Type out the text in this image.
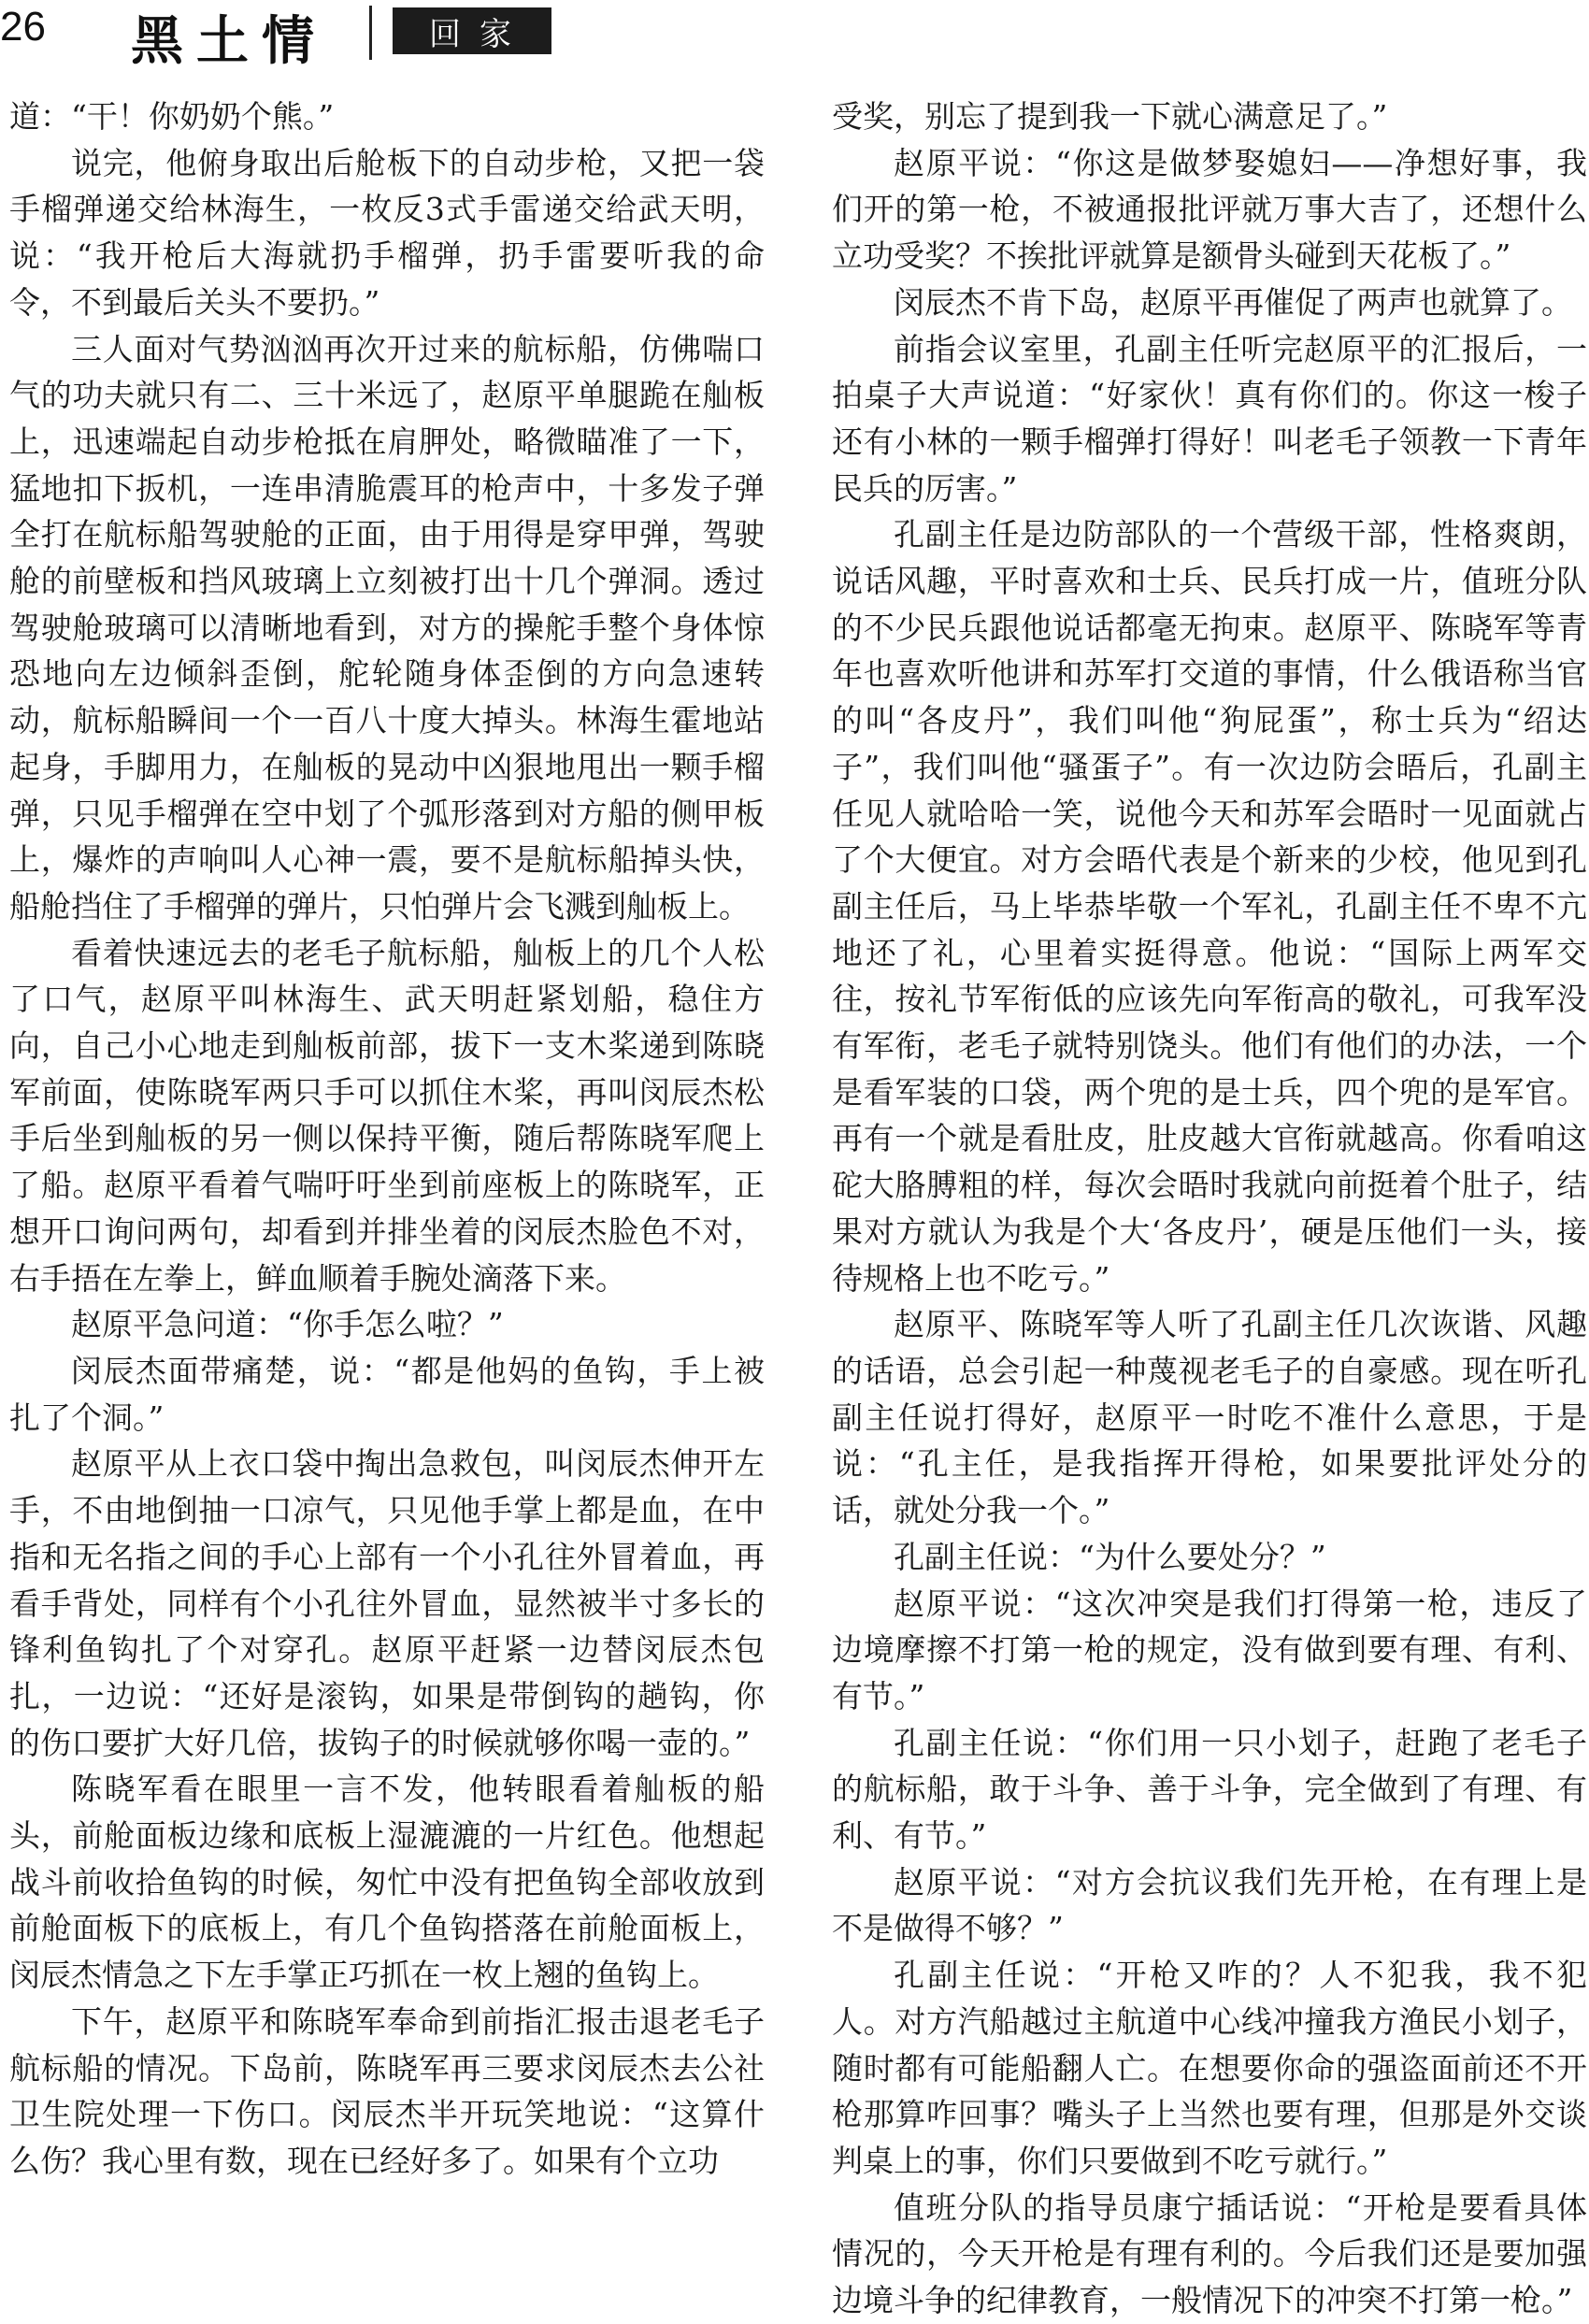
26 黑土情	回家

道：“干！你奶奶个熊。”

说完，他俯身取出后舱板下的自动步枪，又把一袋手榴弹递交给林海生，一枚反3式手雷递交给武天明，说：“我开枪后大海就扔手榴弹，扔手雷要听我的命令，不到最后关头不要扔。”

三人面对气势汹汹再次开过来的航标船，仿佛喘口气的功夫就只有二、三十米远了，赵原平单腿跪在舢板上，迅速端起自动步枪抵在肩胛处，略微瞄准了一下，猛地扣下扳机，一连串清脆震耳的枪声中，十多发子弹全打在航标船驾驶舱的正面，由于用得是穿甲弹，驾驶舱的前壁板和挡风玻璃上立刻被打出十几个弹洞。透过驾驶舱玻璃可以清晰地看到，对方的操舵手整个身体惊恐地向左边倾斜歪倒，舵轮随身体歪倒的方向急速转动，航标船瞬间一个一百八十度大掉头。林海生霍地站起身，手脚用力，在舢板的晃动中凶狠地甩出一颗手榴弹，只见手榴弹在空中划了个弧形落到对方船的侧甲板上，爆炸的声响叫人心神一震，要不是航标船掉头快，船舱挡住了手榴弹的弹片，只怕弹片会飞溅到舢板上。

看着快速远去的老毛子航标船，舢板上的几个人松了口气，赵原平叫林海生、武天明赶紧划船，稳住方向，自己小心地走到舢板前部，拔下一支木桨递到陈晓军前面，使陈晓军两只手可以抓住木桨，再叫闵辰杰松手后坐到舢板的另一侧以保持平衡，随后帮陈晓军爬上了船。赵原平看着气喘吁吁坐到前座板上的陈晓军，正想开口询问两句，却看到并排坐着的闵辰杰脸色不对，右手捂在左拳上，鲜血顺着手腕处滴落下来。

赵原平急问道：“你手怎么啦？”

闵辰杰面带痛楚，说：“都是他妈的鱼钩，手上被扎了个洞。”

赵原平从上衣口袋中掏出急救包，叫闵辰杰伸开左手，不由地倒抽一口凉气，只见他手掌上都是血，在中指和无名指之间的手心上部有一个小孔往外冒着血，再看手背处，同样有个小孔往外冒血，显然被半寸多长的锋利鱼钩扎了个对穿孔。赵原平赶紧一边替闵辰杰包扎，一边说：“还好是滚钩，如果是带倒钩的趟钩，你的伤口要扩大好几倍，拔钩子的时候就够你喝一壶的。”

陈晓军看在眼里一言不发，他转眼看着舢板的船头，前舱面板边缘和底板上湿漉漉的一片红色。他想起战斗前收拾鱼钩的时候，匆忙中没有把鱼钩全部收放到前舱面板下的底板上，有几个鱼钩搭落在前舱面板上，闵辰杰情急之下左手掌正巧抓在一枚上翘的鱼钩上。

下午，赵原平和陈晓军奉命到前指汇报击退老毛子航标船的情况。下岛前，陈晓军再三要求闵辰杰去公社卫生院处理一下伤口。闵辰杰半开玩笑地说：“这算什么伤？我心里有数，现在已经好多了。如果有个立功

受奖，别忘了提到我一下就心满意足了。”

赵原平说：“你这是做梦娶媳妇——净想好事，我们开的第一枪，不被通报批评就万事大吉了，还想什么立功受奖？不挨批评就算是额骨头碰到天花板了。”

闵辰杰不肯下岛，赵原平再催促了两声也就算了。

前指会议室里，孔副主任听完赵原平的汇报后，一拍桌子大声说道：“好家伙！真有你们的。你这一梭子还有小林的一颗手榴弹打得好！叫老毛子领教一下青年民兵的厉害。”

孔副主任是边防部队的一个营级干部，性格爽朗，说话风趣，平时喜欢和士兵、民兵打成一片，值班分队的不少民兵跟他说话都毫无拘束。赵原平、陈晓军等青年也喜欢听他讲和苏军打交道的事情，什么俄语称当官的叫“各皮丹”，我们叫他“狗屁蛋”，称士兵为“绍达子”，我们叫他“骚蛋子”。有一次边防会晤后，孔副主任见人就哈哈一笑，说他今天和苏军会晤时一见面就占了个大便宜。对方会晤代表是个新来的少校，他见到孔副主任后，马上毕恭毕敬一个军礼，孔副主任不卑不亢地还了礼，心里着实挺得意。他说：“国际上两军交往，按礼节军衔低的应该先向军衔高的敬礼，可我军没有军衔，老毛子就特别饶头。他们有他们的办法，一个是看军装的口袋，两个兜的是士兵，四个兜的是军官。再有一个就是看肚皮，肚皮越大官衔就越高。你看咱这砣大胳膊粗的样，每次会晤时我就向前挺着个肚子，结果对方就认为我是个大‘各皮丹’，硬是压他们一头，接待规格上也不吃亏。”

赵原平、陈晓军等人听了孔副主任几次诙谐、风趣的话语，总会引起一种蔑视老毛子的自豪感。现在听孔副主任说打得好，赵原平一时吃不准什么意思，于是说：“孔主任，是我指挥开得枪，如果要批评处分的话，就处分我一个。”

孔副主任说：“为什么要处分？”

赵原平说：“这次冲突是我们打得第一枪，违反了边境摩擦不打第一枪的规定，没有做到要有理、有利、有节。”

孔副主任说：“你们用一只小划子，赶跑了老毛子的航标船，敢于斗争、善于斗争，完全做到了有理、有利、有节。”

赵原平说：“对方会抗议我们先开枪，在有理上是不是做得不够？”

孔副主任说：“开枪又咋的？人不犯我，我不犯人。对方汽船越过主航道中心线冲撞我方渔民小划子，随时都有可能船翻人亡。在想要你命的强盗面前还不开枪那算咋回事？嘴头子上当然也要有理，但那是外交谈判桌上的事，你们只要做到不吃亏就行。”

值班分队的指导员康宁插话说：“开枪是要看具体情况的，今天开枪是有理有利的。今后我们还是要加强边境斗争的纪律教育，一般情况下的冲突不打第一枪。”
